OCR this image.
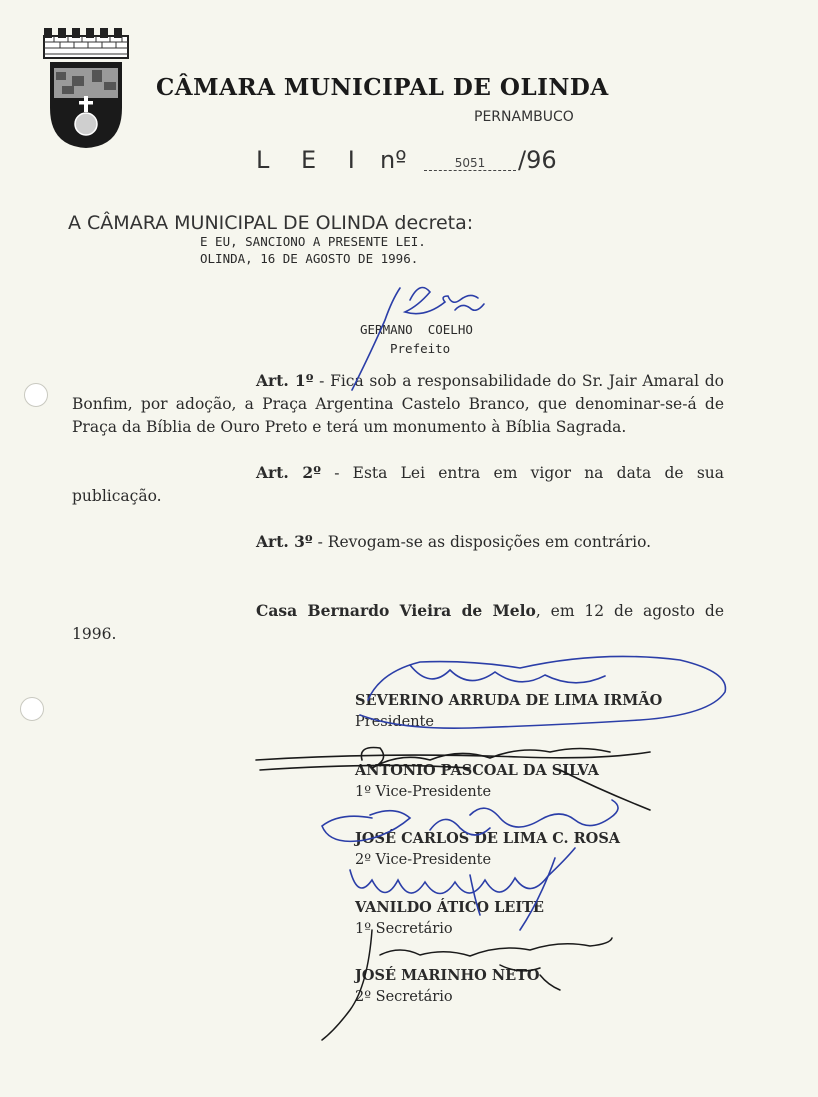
CÂMARA MUNICIPAL DE OLINDA
PERNAMBUCO
L E I nº	5051	/96
A CÂMARA MUNICIPAL DE OLINDA decreta:
E EU, SANCIONO A PRESENTE LEI.
OLINDA, 16 DE AGOSTO DE 1996.
GERMANO  COELHO
Prefeito
Art. 1º - Fica sob a responsabilidade do Sr. Jair Amaral do Bonfim, por adoção, a Praça Argentina Castelo Branco, que denominar-se-á de Praça da Bíblia de Ouro Preto e terá um monumento à Bíblia Sagrada.
Art. 2º - Esta Lei entra em vigor na data de sua publicação.
Art. 3º - Revogam-se as disposições em contrário.
Casa Bernardo Vieira de Melo, em 12 de agosto de 1996.
SEVERINO ARRUDA DE LIMA IRMÃO
Presidente
ANTONIO PASCOAL DA SILVA
1º Vice-Presidente
JOSÉ CARLOS DE LIMA C. ROSA
2º Vice-Presidente
VANILDO ÁTICO LEITE
1º Secretário
JOSÉ MARINHO NETO
2º Secretário
